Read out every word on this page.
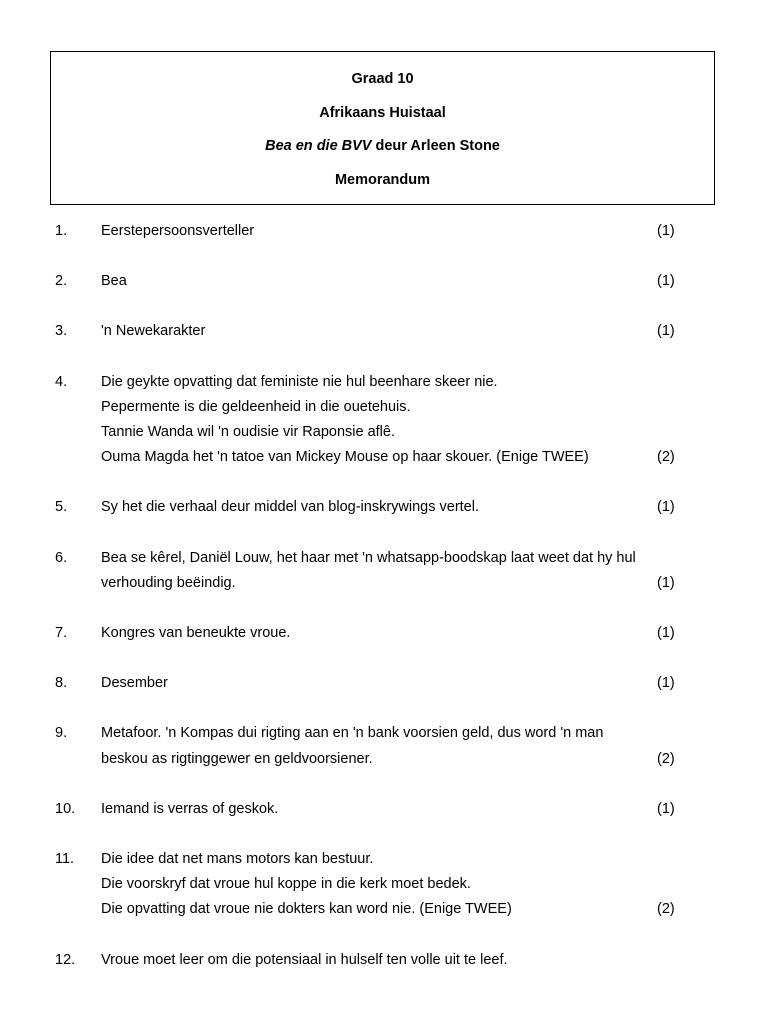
Graad 10
Afrikaans Huistaal
Bea en die BVV deur Arleen Stone
Memorandum
1. Eerstepersoonsverteller	(1)
2. Bea	(1)
3. 'n Newekarakter	(1)
4. Die geykte opvatting dat feministe nie hul beenhare skeer nie.
Pepermente is die geldeenheid in die ouetehuis.
Tannie Wanda wil 'n oudisie vir Raponsie aflê.
Ouma Magda het 'n tatoe van Mickey Mouse op haar skouer. (Enige TWEE)	(2)
5. Sy het die verhaal deur middel van blog-inskrywings vertel.	(1)
6. Bea se kêrel, Daniël Louw, het haar met 'n whatsapp-boodskap laat weet dat hy hul
verhouding beëindig.	(1)
7. Kongres van beneukte vroue.	(1)
8. Desember	(1)
9. Metafoor. 'n Kompas dui rigting aan en 'n bank voorsien geld, dus word 'n man
beskou as rigtinggewer en geldvoorsiener.	(2)
10. Iemand is verras of geskok.	(1)
11. Die idee dat net mans motors kan bestuur.
Die voorskryf dat vroue hul koppe in die kerk moet bedek.
Die opvatting dat vroue nie dokters kan word nie. (Enige TWEE)	(2)
12. Vroue moet leer om die potensiaal in hulself ten volle uit te leef.
